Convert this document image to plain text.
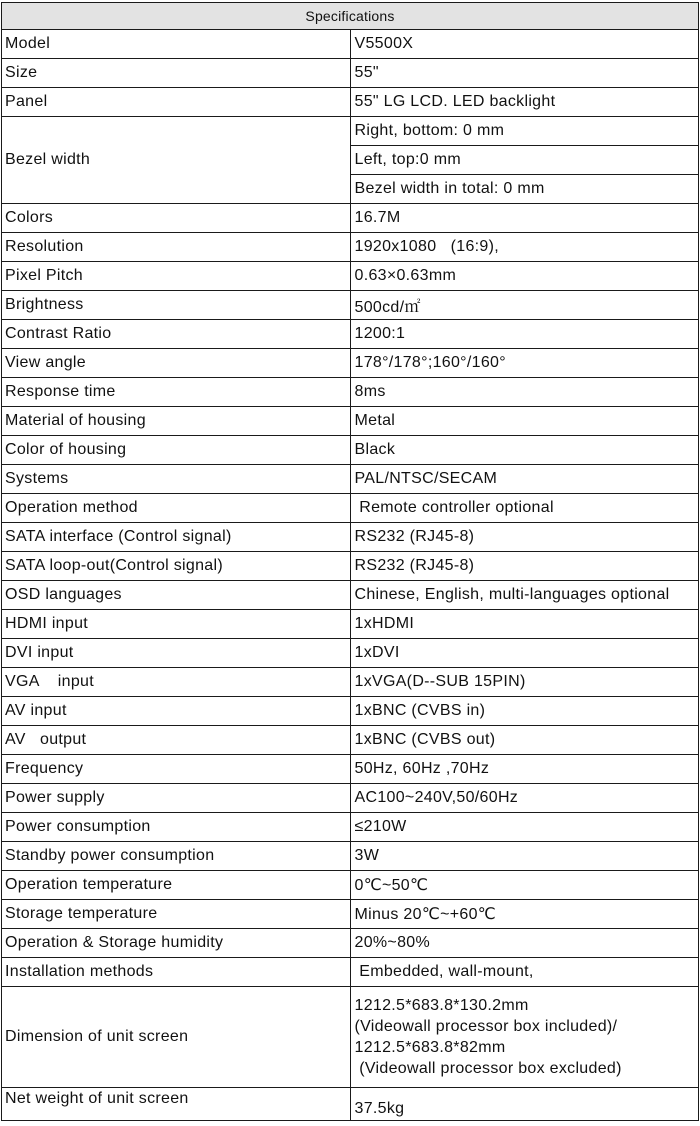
Specifications	
Model	V5500X
Size	55"
Panel	55" LG LCD. LED backlight
Bezel width	Right, bottom: 0 mm
	Left, top:0 mm
	Bezel width in total: 0 mm
Colors	16.7M
Resolution	1920x1080   (16:9),
Pixel Pitch	0.63×0.63mm
Brightness	500cd/㎡
Contrast Ratio	1200:1
View angle	178°/178°;160°/160°
Response time	8ms
Material of housing	Metal
Color of housing	Black
Systems	PAL/NTSC/SECAM
Operation method	Remote controller optional
SATA interface (Control signal)	RS232 (RJ45-8)
SATA loop-out(Control signal)	RS232 (RJ45-8)
OSD languages	Chinese, English, multi-languages optional
HDMI input	1xHDMI
DVI input	1xDVI
VGA    input	1xVGA(D--SUB 15PIN)
AV input	1xBNC (CVBS in)
AV   output	1xBNC (CVBS out)
Frequency	50Hz, 60Hz ,70Hz
Power supply	AC100~240V,50/60Hz
Power consumption	≤210W
Standby power consumption	3W
Operation temperature	0℃~50℃
Storage temperature	Minus 20℃~+60℃
Operation & Storage humidity	20%~80%
Installation methods	Embedded, wall-mount,
Dimension of unit screen	1212.5*683.8*130.2mm
(Videowall processor box included)/
1212.5*683.8*82mm
(Videowall processor box excluded)
Net weight of unit screen	37.5kg
